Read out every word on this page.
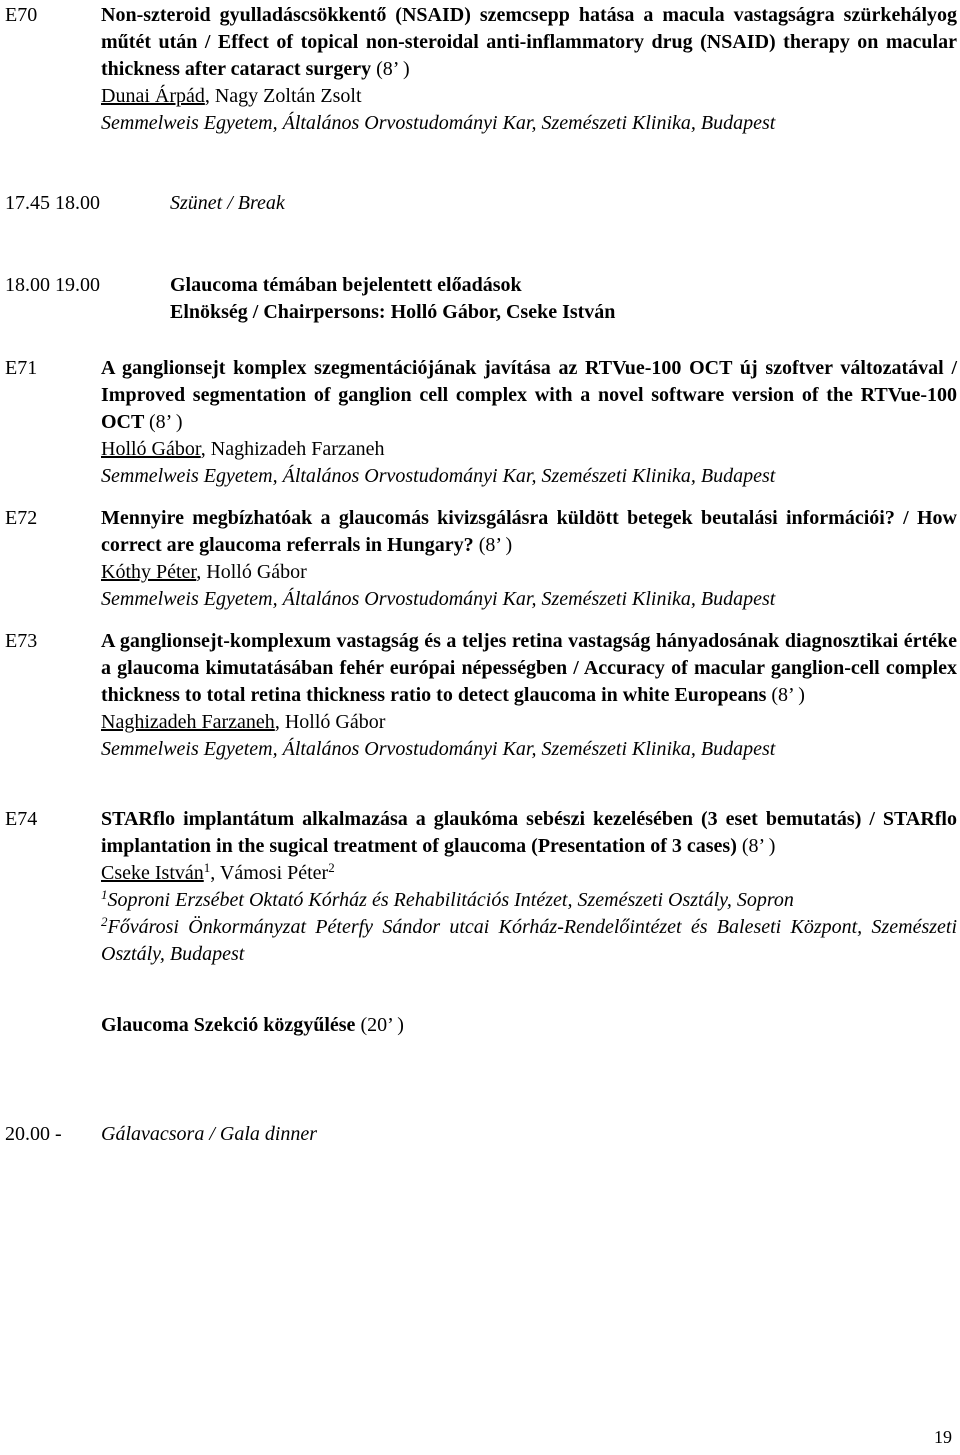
E70	Non-szteroid gyulladáscsökkentő (NSAID) szemcsepp hatása a macula vastagságra szürkehályog műtét után / Effect of topical non-steroidal anti-inflammatory drug (NSAID) therapy on macular thickness after cataract surgery (8’ )

Dunai Árpád, Nagy Zoltán Zsolt

Semmelweis Egyetem, Általános Orvostudományi Kar, Szemészeti Klinika, Budapest

17.45 18.00	Szünet / Break
18.00 19.00	Glaucoma témában bejelentett előadások
Elnökség / Chairpersons: Holló Gábor, Cseke István
E71	A ganglionsejt komplex szegmentációjának javítása az RTVue-100 OCT új szoftver változatával / Improved segmentation of ganglion cell complex with a novel software version of the RTVue-100 OCT (8’ )

Holló Gábor, Naghizadeh Farzaneh

Semmelweis Egyetem, Általános Orvostudományi Kar, Szemészeti Klinika, Budapest

E72	Mennyire megbízhatóak a glaucomás kivizsgálásra küldött betegek beutalási információi? / How correct are glaucoma referrals in Hungary? (8’ )

Kóthy Péter, Holló Gábor

Semmelweis Egyetem, Általános Orvostudományi Kar, Szemészeti Klinika, Budapest

E73	A ganglionsejt-komplexum vastagság és a teljes retina vastagság hányadosának diagnosztikai értéke a glaucoma kimutatásában fehér európai népességben / Accuracy of macular ganglion-cell complex thickness to total retina thickness ratio to detect glaucoma in white Europeans (8’ )

Naghizadeh Farzaneh, Holló Gábor

Semmelweis Egyetem, Általános Orvostudományi Kar, Szemészeti Klinika, Budapest

E74	STARflo implantátum alkalmazása a glaukóma sebészi kezelésében (3 eset bemutatás) / STARflo implantation in the sugical treatment of glaucoma (Presentation of 3 cases) (8’ )

Cseke István$^1$, Vámosi Péter$^2$

$^1$Soproni Erzsébet Oktató Kórház és Rehabilitációs Intézet, Szemészeti Osztály, Sopron

$^2$Fővárosi Önkormányzat Péterfy Sándor utcai Kórház-Rendelőintézet és Baleseti Központ, Szemészeti Osztály, Budapest

Glaucoma Szekció közgyűlése (20’ )
20.00 -	Gálavacsora / Gala dinner
19
